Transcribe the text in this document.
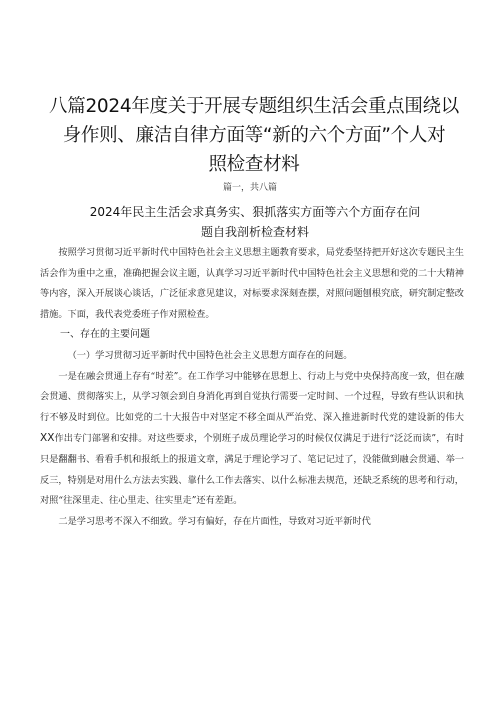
八篇2024年度关于开展专题组织生活会重点围绕以
身作则、廉洁自律方面等“新的六个方面”个人对
照检查材料
篇一，共八篇
2024年民主生活会求真务实、狠抓落实方面等六个方面存在问
题自我剖析检查材料

按照学习贯彻习近平新时代中国特色社会主义思想主题教育要求，局党委坚持把开好这次专题民主生活会作为重中之重，准确把握会议主题，认真学习习近平新时代中国特色社会主义思想和党的二十大精神等内容，深入开展谈心谈话，广泛征求意见建议，对标要求深刻查摆，对照问题刨根究底，研究制定整改措施。下面，我代表党委班子作对照检查。

一、存在的主要问题

（一）学习贯彻习近平新时代中国特色社会主义思想方面存在的问题。

一是在融会贯通上存有“时差”。在工作学习中能够在思想上、行动上与党中央保持高度一致，但在融会贯通、贯彻落实上，从学习领会到自身消化再到自觉执行需要一定时间、一个过程，导致有些认识和执行不够及时到位。比如党的二十大报告中对坚定不移全面从严治党、深入推进新时代党的建设新的伟大XX作出专门部署和安排。对这些要求，个别班子成员理论学习的时候仅仅满足于进行“泛泛而读”，有时只是翻翻书、看看手机和报纸上的报道文章，满足于理论学习了、笔记记过了，没能做到融会贯通、举一反三，特别是对用什么方法去实践、靠什么工作去落实、以什么标准去规范，还缺乏系统的思考和行动，对照“往深里走、往心里走、往实里走”还有差距。

二是学习思考不深入不细致。学习有偏好，存在片面性，导致对习近平新时代
